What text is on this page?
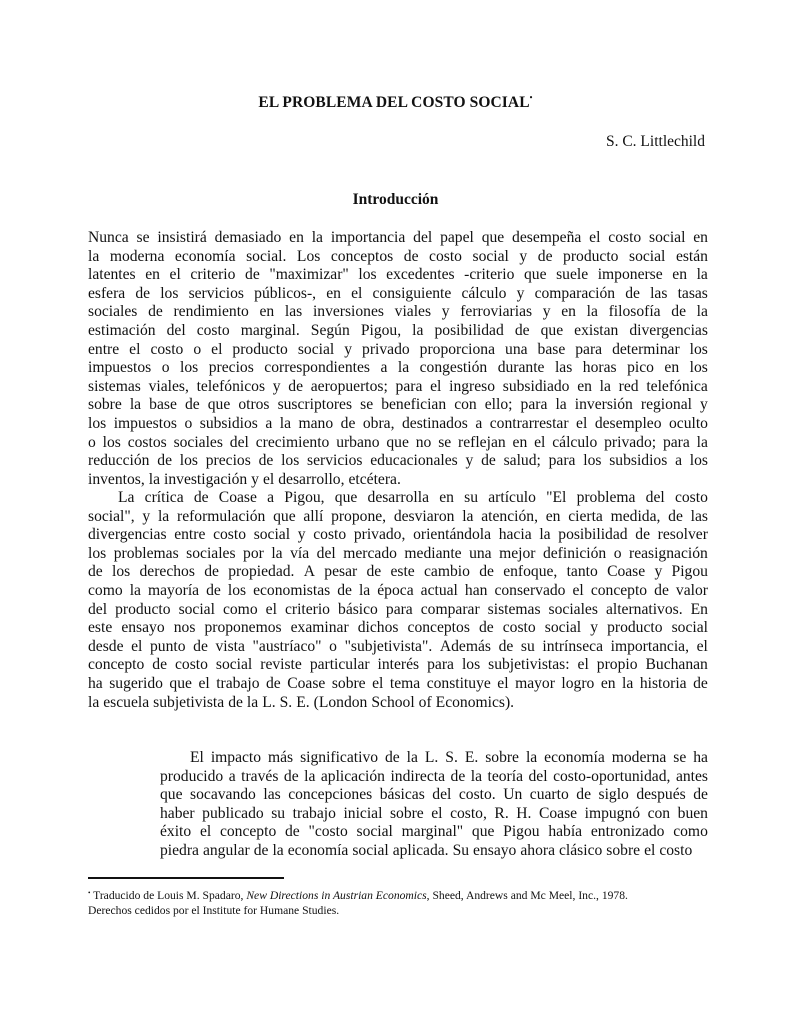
EL PROBLEMA DEL COSTO SOCIAL•
S. C. Littlechild
Introducción
Nunca se insistirá demasiado en la importancia del papel que desempeña el costo social en
la moderna economía social. Los conceptos de costo social y de producto social están
latentes en el criterio de "maximizar" los excedentes -criterio que suele imponerse en la
esfera de los servicios públicos-, en el consiguiente cálculo y comparación de las tasas
sociales de rendimiento en las inversiones viales y ferroviarias y en la filosofía de la
estimación del costo marginal. Según Pigou, la posibilidad de que existan divergencias
entre el costo o el producto social y privado proporciona una base para determinar los
impuestos o los precios correspondientes a la congestión durante las horas pico en los
sistemas viales, telefónicos y de aeropuertos; para el ingreso subsidiado en la red telefónica
sobre la base de que otros suscriptores se benefician con ello; para la inversión regional y
los impuestos o subsidios a la mano de obra, destinados a contrarrestar el desempleo oculto
o los costos sociales del crecimiento urbano que no se reflejan en el cálculo privado; para la
reducción de los precios de los servicios educacionales y de salud; para los subsidios a los
inventos, la investigación y el desarrollo, etcétera.
La crítica de Coase a Pigou, que desarrolla en su artículo "El problema del costo
social", y la reformulación que allí propone, desviaron la atención, en cierta medida, de las
divergencias entre costo social y costo privado, orientándola hacia la posibilidad de resolver
los problemas sociales por la vía del mercado mediante una mejor definición o reasignación
de los derechos de propiedad. A pesar de este cambio de enfoque, tanto Coase y Pigou
como la mayoría de los economistas de la época actual han conservado el concepto de valor
del producto social como el criterio básico para comparar sistemas sociales alternativos. En
este ensayo nos proponemos examinar dichos conceptos de costo social y producto social
desde el punto de vista "austríaco" o "subjetivista". Además de su intrínseca importancia, el
concepto de costo social reviste particular interés para los subjetivistas: el propio Buchanan
ha sugerido que el trabajo de Coase sobre el tema constituye el mayor logro en la historia de
la escuela subjetivista de la L. S. E. (London School of Economics).
El impacto más significativo de la L. S. E. sobre la economía moderna se ha
producido a través de la aplicación indirecta de la teoría del costo-oportunidad, antes
que socavando las concepciones básicas del costo. Un cuarto de siglo después de
haber publicado su trabajo inicial sobre el costo, R. H. Coase impugnó con buen
éxito el concepto de "costo social marginal" que Pigou había entronizado como
piedra angular de la economía social aplicada. Su ensayo ahora clásico sobre el costo
• Traducido de Louis M. Spadaro, New Directions in Austrian Economics, Sheed, Andrews and Mc Meel, Inc., 1978.
Derechos cedidos por el Institute for Humane Studies.
